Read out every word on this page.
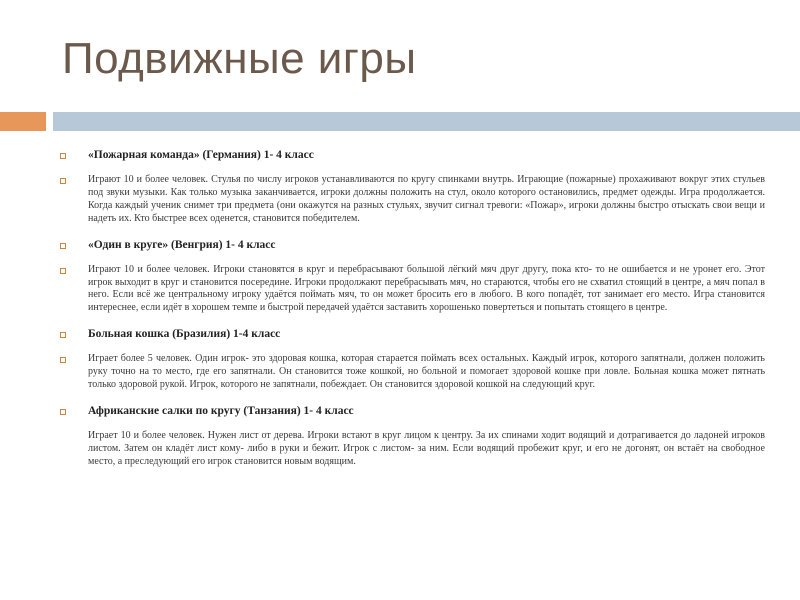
Подвижные игры
«Пожарная команда» (Германия) 1- 4 класс
Играют 10 и более человек. Стулья по числу игроков устанавливаются по кругу спинками внутрь. Играющие (пожарные) прохаживают вокруг этих стульев под звуки музыки. Как только музыка заканчивается, игроки должны положить на стул, около которого остановились, предмет одежды. Игра продолжается. Когда каждый ученик снимет три предмета (они окажутся на разных стульях, звучит сигнал тревоги: «Пожар», игроки должны быстро отыскать свои вещи и надеть их. Кто быстрее всех оденется, становится победителем.
«Один в круге» (Венгрия) 1- 4 класс
Играют 10 и более человек. Игроки становятся в круг и перебрасывают большой лёгкий мяч друг другу, пока кто- то не ошибается и не уронет его. Этот игрок выходит в круг и становится посередине. Игроки продолжают перебрасывать мяч, но стараются, чтобы его не схватил стоящий в центре, а мяч попал в него. Если всё же центральному игроку удаётся поймать мяч, то он может бросить его в любого. В кого попадёт, тот занимает его место. Игра становится интереснее, если идёт в хорошем темпе и быстрой передачей удаётся заставить хорошенько повертеться и попытать стоящего в центре.
Больная кошка (Бразилия) 1-4 класс
Играет более 5 человек. Один игрок- это здоровая кошка, которая старается поймать всех остальных. Каждый игрок, которого запятнали, должен положить руку точно на то место, где его запятнали. Он становится тоже кошкой, но больной и помогает здоровой кошке при ловле. Больная кошка может пятнать только здоровой рукой. Игрок, которого не запятнали, побеждает. Он становится здоровой кошкой на следующий круг.
Африканские салки по кругу (Танзания) 1- 4 класс
Играет 10 и более человек. Нужен лист от дерева. Игроки встают в круг лицом к центру. За их спинами ходит водящий и дотрагивается до ладоней игроков листом. Затем он кладёт лист кому- либо в руки и бежит. Игрок с листом- за ним. Если водящий пробежит круг, и его не догонят, он встаёт на свободное место, а преследующий его игрок становится новым водящим.
